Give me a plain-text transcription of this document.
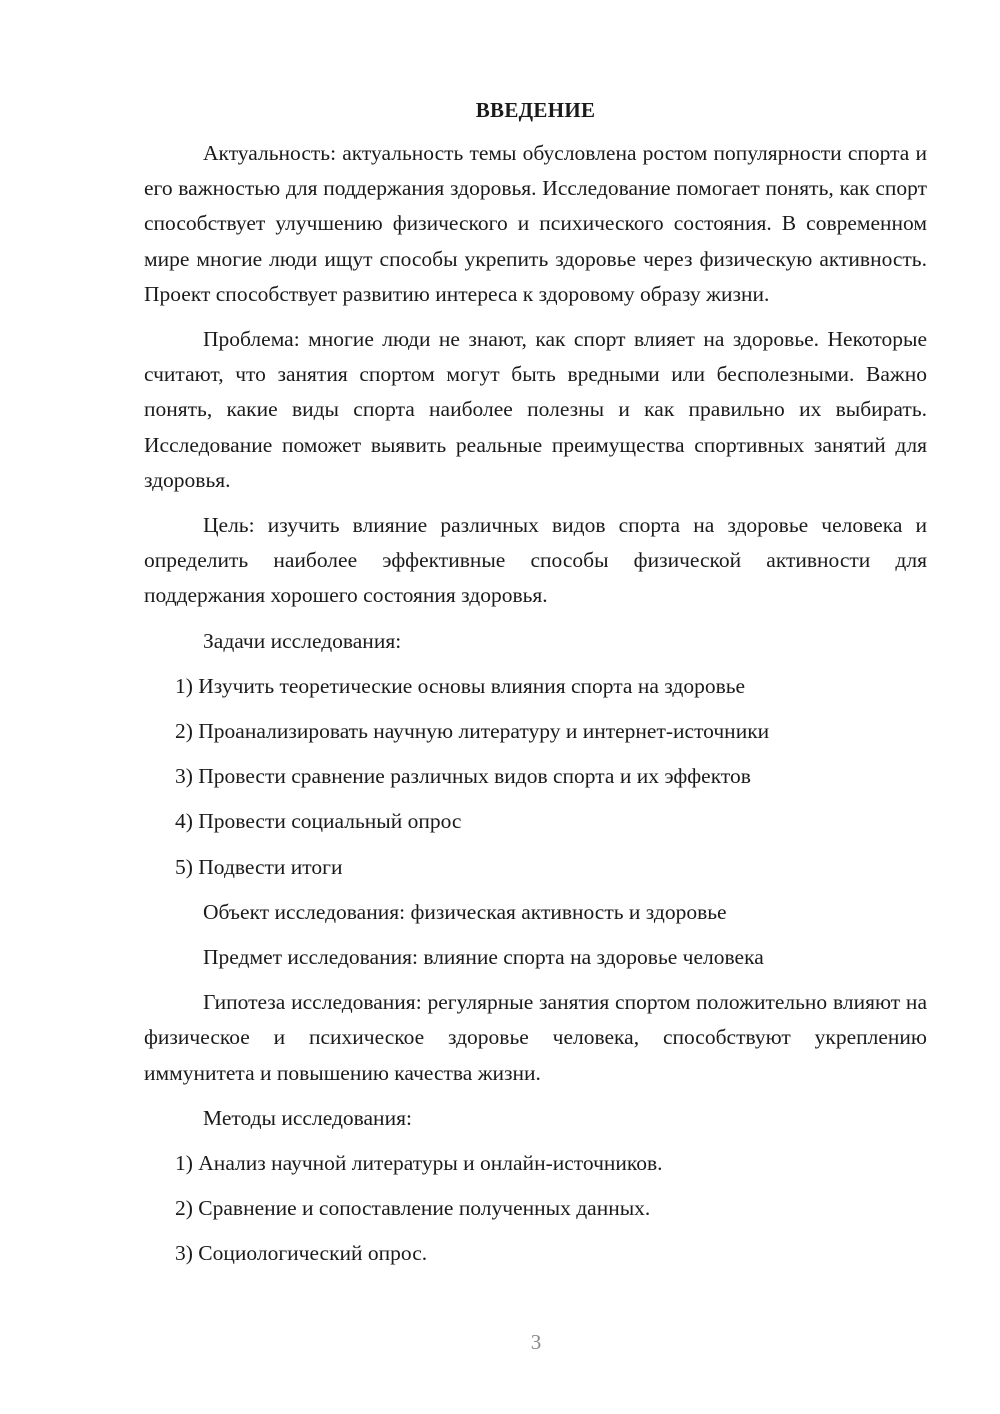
ВВЕДЕНИЕ

Актуальность: актуальность темы обусловлена ростом популярности спорта и его важностью для поддержания здоровья. Исследование помогает понять, как спорт способствует улучшению физического и психического состояния. В современном мире многие люди ищут способы укрепить здоровье через физическую активность. Проект способствует развитию интереса к здоровому образу жизни.

Проблема: многие люди не знают, как спорт влияет на здоровье. Некоторые считают, что занятия спортом могут быть вредными или бесполезными. Важно понять, какие виды спорта наиболее полезны и как правильно их выбирать. Исследование поможет выявить реальные преимущества спортивных занятий для здоровья.

Цель: изучить влияние различных видов спорта на здоровье человека и определить наиболее эффективные способы физической активности для поддержания хорошего состояния здоровья.

Задачи исследования:

1) Изучить теоретические основы влияния спорта на здоровье

2) Проанализировать научную литературу и интернет-источники

3) Провести сравнение различных видов спорта и их эффектов

4) Провести социальный опрос

5) Подвести итоги

Объект исследования: физическая активность и здоровье

Предмет исследования: влияние спорта на здоровье человека

Гипотеза исследования: регулярные занятия спортом положительно влияют на физическое и психическое здоровье человека, способствуют укреплению иммунитета и повышению качества жизни.

Методы исследования:

1) Анализ научной литературы и онлайн-источников.

2) Сравнение и сопоставление полученных данных.

3) Социологический опрос.

3
